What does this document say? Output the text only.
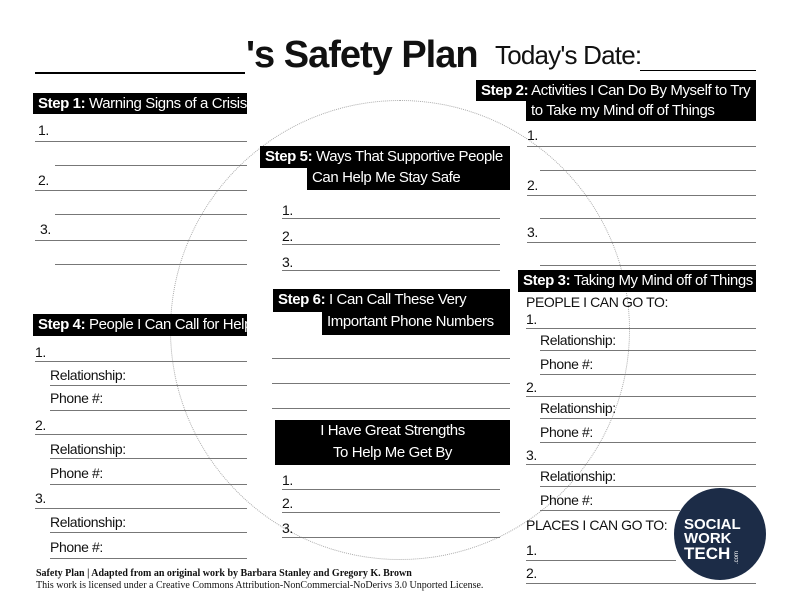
's Safety Plan Today's Date:
Step 1: Warning Signs of a Crisis
1.
2.
3.
Step 2: Activities I Can Do By Myself to Try
to Take my Mind off of Things
1.
2.
3.
Step 5: Ways That Supportive People
Can Help Me Stay Safe
1.
2.
3.
Step 6: I Can Call These Very
Important Phone Numbers
I Have Great Strengths
To Help Me Get By
1.
2.
3.
Step 4: People I Can Call for Help
1.
Relationship:
Phone #:
2.
Relationship:
Phone #:
3.
Relationship:
Phone #:
Step 3: Taking My Mind off of Things
PEOPLE I CAN GO TO:
1.
Relationship:
Phone #:
2.
Relationship:
Phone #:
3.
Relationship:
Phone #:
PLACES I CAN GO TO:
1.
2.
SOCIAL
WORK
TECH .com
Safety Plan | Adapted from an original work by Barbara Stanley and Gregory K. Brown
This work is licensed under a Creative Commons Attribution-NonCommercial-NoDerivs 3.0 Unported License.
